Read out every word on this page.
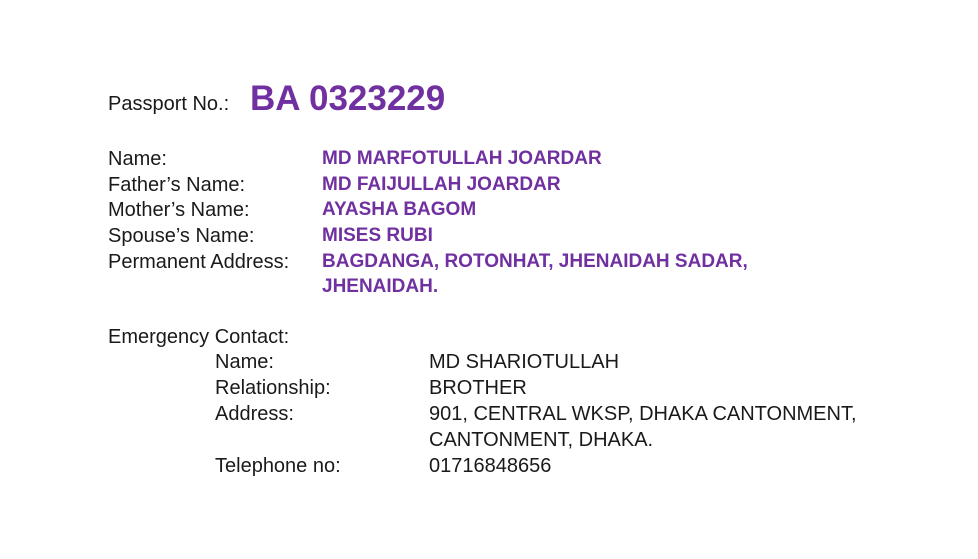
Passport No.: BA 0323229
Name:	MD MARFOTULLAH JOARDAR
Father’s Name:	MD FAIJULLAH JOARDAR
Mother’s Name:	AYASHA BAGOM
Spouse’s Name:	MISES RUBI
Permanent Address: BAGDANGA, ROTONHAT, JHENAIDAH SADAR,
JHENAIDAH.
Emergency Contact:
Name:	MD SHARIOTULLAH
Relationship:	BROTHER
Address:	901, CENTRAL WKSP, DHAKA CANTONMENT,
CANTONMENT, DHAKA.
Telephone no:	01716848656
